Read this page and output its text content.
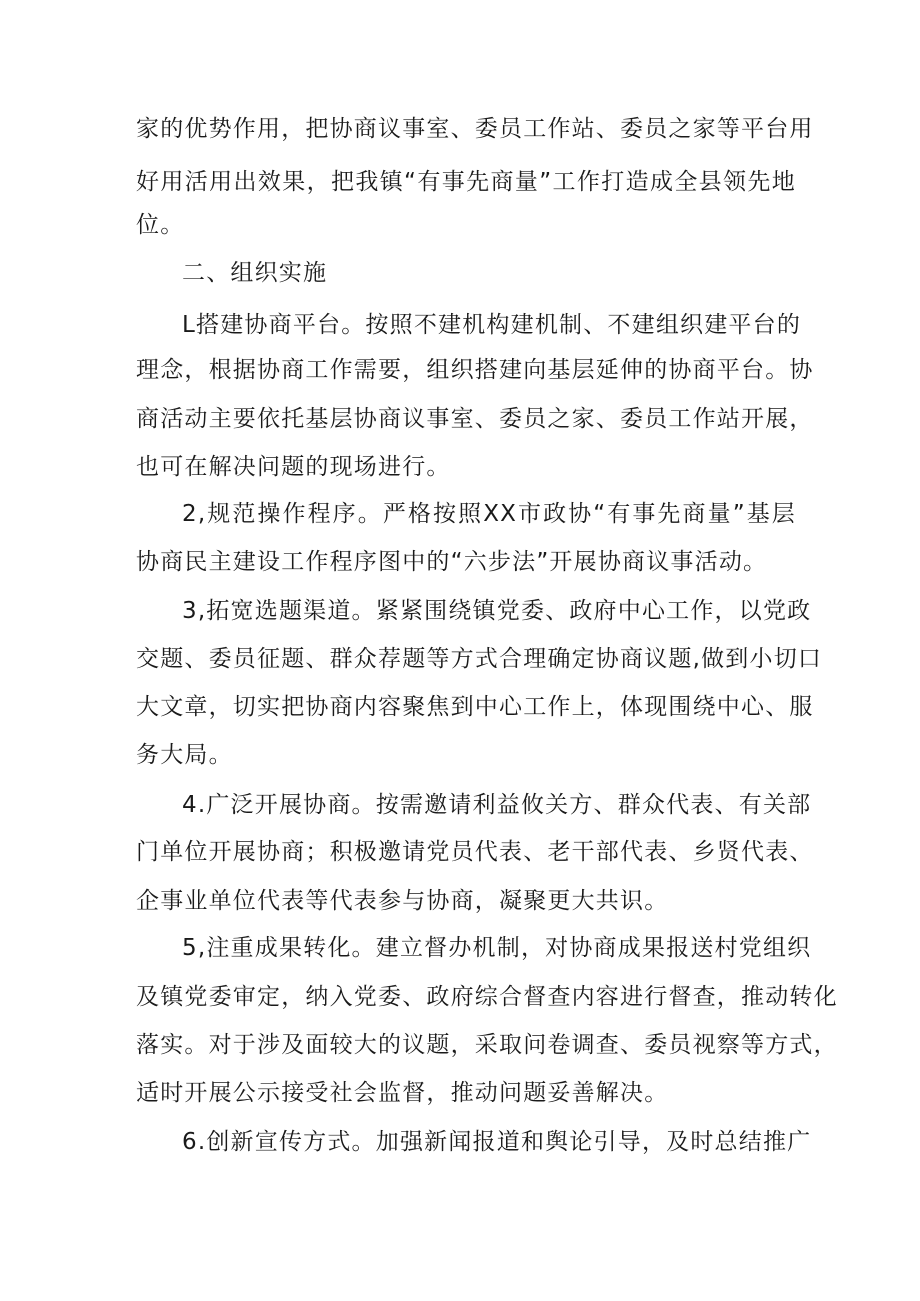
家的优势作用，把协商议事室、委员工作站、委员之家等平台用
好用活用出效果，把我镇“有事先商量”工作打造成全县领先地
位。
二、组织实施
L搭建协商平台。按照不建机构建机制、不建组织建平台的
理念，根据协商工作需要，组织搭建向基层延伸的协商平台。协
商活动主要依托基层协商议事室、委员之家、委员工作站开展，
也可在解决问题的现场进行。
2,规范操作程序。严格按照XX市政协“有事先商量”基层
协商民主建设工作程序图中的“六步法”开展协商议事活动。
3,拓宽选题渠道。紧紧围绕镇党委、政府中心工作，以党政
交题、委员征题、群众荐题等方式合理确定协商议题,做到小切口
大文章，切实把协商内容聚焦到中心工作上，体现围绕中心、服
务大局。
4.广泛开展协商。按需邀请利益攸关方、群众代表、有关部
门单位开展协商；积极邀请党员代表、老干部代表、乡贤代表、
企事业单位代表等代表参与协商，凝聚更大共识。
5,注重成果转化。建立督办机制，对协商成果报送村党组织
及镇党委审定，纳入党委、政府综合督查内容进行督查，推动转化
落实。对于涉及面较大的议题，采取问卷调查、委员视察等方式，
适时开展公示接受社会监督，推动问题妥善解决。
6.创新宣传方式。加强新闻报道和舆论引导，及时总结推广
